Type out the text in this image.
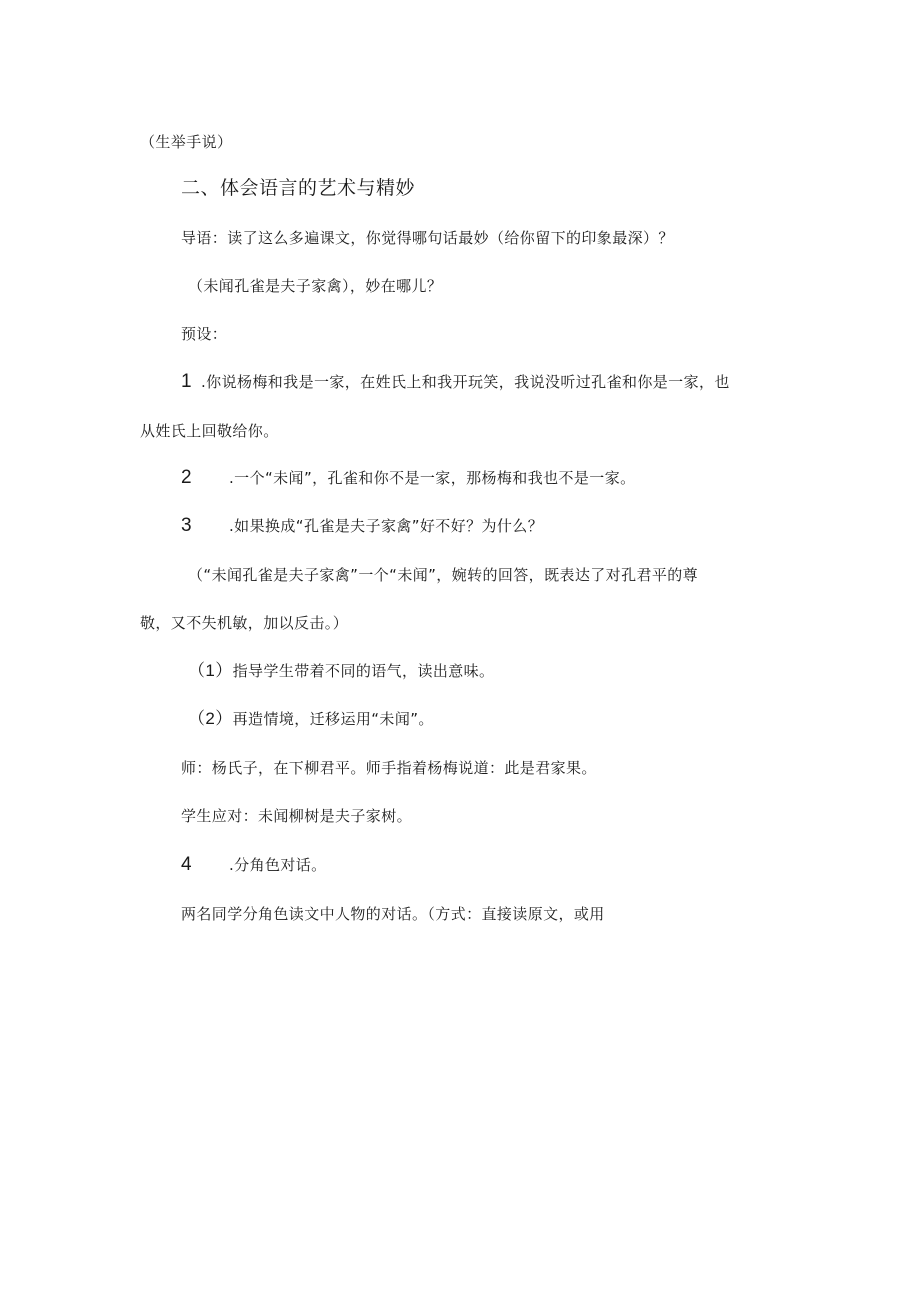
（生举手说）
二、体会语言的艺术与精妙
导语：读了这么多遍课文，你觉得哪句话最妙（给你留下的印象最深）？
（未闻孔雀是夫子家禽），妙在哪儿？
预设：
1 .你说杨梅和我是一家，在姓氏上和我开玩笑，我说没听过孔雀和你是一家，也
从姓氏上回敬给你。
2 .一个“未闻”，孔雀和你不是一家，那杨梅和我也不是一家。
3 .如果换成“孔雀是夫子家禽”好不好？为什么？
（“未闻孔雀是夫子家禽”一个“未闻”，婉转的回答，既表达了对孔君平的尊
敬，又不失机敏，加以反击。）
（1）指导学生带着不同的语气，读出意味。
（2）再造情境，迁移运用“未闻”。
师：杨氏子，在下柳君平。师手指着杨梅说道：此是君家果。
学生应对：未闻柳树是夫子家树。
4 .分角色对话。
两名同学分角色读文中人物的对话。（方式：直接读原文，或用
